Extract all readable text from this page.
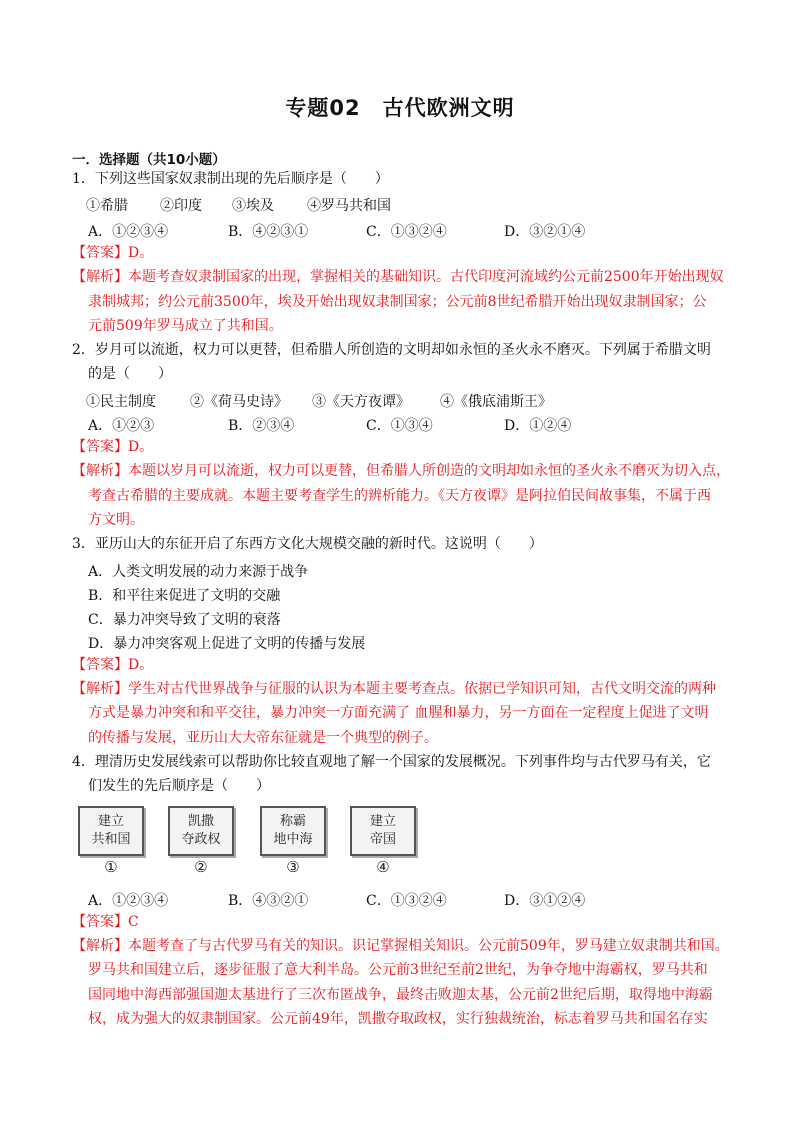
专题02　古代欧洲文明
一．选择题（共10小题）
1．下列这些国家奴隶制出现的先后顺序是（　　）
①希腊 ②印度 ③埃及 ④罗马共和国
A．①②③④	B．④②③①	C．①③②④	D．③②①④
【答案】D。
【解析】本题考查奴隶制国家的出现，掌握相关的基础知识。古代印度河流域约公元前2500年开始出现奴
隶制城邦；约公元前3500年，埃及开始出现奴隶制国家；公元前8世纪希腊开始出现奴隶制国家；公
元前509年罗马成立了共和国。
2．岁月可以流逝，权力可以更替，但希腊人所创造的文明却如永恒的圣火永不磨灭。下列属于希腊文明
的是（　　）
①民主制度 ②《荷马史诗》 ③《天方夜谭》 ④《俄底浦斯王》
A．①②③	B．②③④	C．①③④	D．①②④
【答案】D。
【解析】本题以岁月可以流逝，权力可以更替，但希腊人所创造的文明却如永恒的圣火永不磨灭为切入点，
考查古希腊的主要成就。本题主要考查学生的辨析能力。《天方夜谭》是阿拉伯民间故事集，不属于西
方文明。
3．亚历山大的东征开启了东西方文化大规模交融的新时代。这说明（　　）
A．人类文明发展的动力来源于战争
B．和平往来促进了文明的交融
C．暴力冲突导致了文明的衰落
D．暴力冲突客观上促进了文明的传播与发展
【答案】D。
【解析】学生对古代世界战争与征服的认识为本题主要考查点。依据已学知识可知，古代文明交流的两种
方式是暴力冲突和和平交往，暴力冲突一方面充满了 血腥和暴力，另一方面在一定程度上促进了文明
的传播与发展，亚历山大大帝东征就是一个典型的例子。
4．理清历史发展线索可以帮助你比较直观地了解一个国家的发展概况。下列事件均与古代罗马有关，它
们发生的先后顺序是（　　）
建立
共和国
①
凯撒
夺政权
②
称霸
地中海
③
建立
帝国
④
A．①②③④	B．④③②①	C．①③②④	D．③①②④
【答案】C
【解析】本题考查了与古代罗马有关的知识。识记掌握相关知识。公元前509年，罗马建立奴隶制共和国。
罗马共和国建立后，逐步征服了意大利半岛。公元前3世纪至前2世纪，为争夺地中海霸权，罗马共和
国同地中海西部强国迦太基进行了三次布匿战争，最终击败迦太基，公元前2世纪后期，取得地中海霸
权，成为强大的奴隶制国家。公元前49年，凯撒夺取政权，实行独裁统治，标志着罗马共和国名存实
